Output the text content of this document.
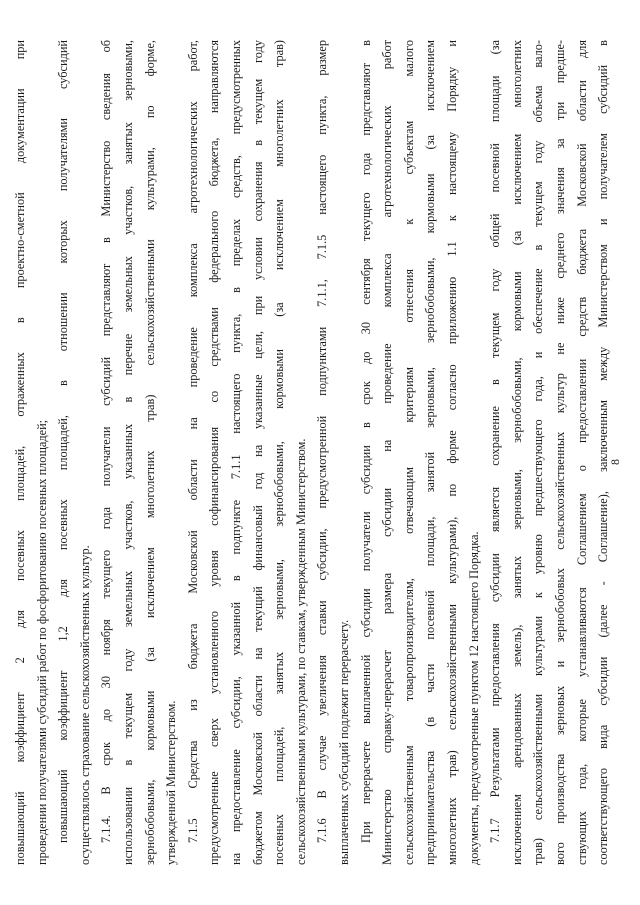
8
повышающий коэффициент 2 для посевных площадей, отраженных в проектно-сметной документации при проведении получателями субсидий работ по фосфоритованию посевных площадей; повышающий коэффициент 1,2 для посевных площадей, в отношении которых получателями субсидий осуществлялось страхование сельскохозяйственных культур. 7.1.4. В срок до 30 ноября текущего года получатели субсидий представляют в Министерство сведения об использовании в текущем году земельных участков, указанных в перечне земельных участков, занятых зерновыми, зернобобовыми, кормовыми (за исключением многолетних трав) сельскохозяйственными культурами, по форме, утвержденной Министерством. 7.1.5 Средства из бюджета Московской области на проведение комплекса агротехнологических работ, предусмотренные сверх установленного уровня софинансирования со средствами федерального бюджета, направляются на предоставление субсидии, указанной в подпункте 7.1.1 настоящего пункта, в пределах средств, предусмотренных бюджетом Московской области на текущий финансовый год на указанные цели, при условии сохранения в текущем году посевных площадей, занятых зерновыми, зернобобовыми, кормовыми (за исключением многолетних трав) сельскохозяйственными культурами, по ставкам, утвержденным Министерством. 7.1.6 В случае увеличения ставки субсидии, предусмотренной подпунктами 7.1.1, 7.1.5 настоящего пункта, размер выплаченных субсидий подлежит перерасчету. При перерасчете выплаченной субсидии получатели субсидии в срок до 30 сентября текущего года представляют в Министерство справку-перерасчет размера субсидии на проведение комплекса агротехнологических работ сельскохозяйственным товаропроизводителям, отвечающим критериям отнесения к субъектам малого предпринимательства (в части посевной площади, занятой зерновыми, зернобобовыми, кормовыми (за исключением многолетних трав) сельскохозяйственными культурами), по форме согласно приложению 1.1 к настоящему Порядку и документы, предусмотренные пунктом 12 настоящего Порядка. 7.1.7 Результатами предоставления субсидии является сохранение в текущем году общей посевной площади (за исключением арендованных земель), занятых зерновыми, зернобобовыми, кормовыми (за исключением многолетних трав) сельскохозяйственными культурами к уровню предшествующего года, и обеспечение в текущем году объема вало- вого производства зерновых и зернобобовых сельскохозяйственных культур не ниже среднего значения за три предше- ствующих года, которые устанавливаются Соглашением о предоставлении средств бюджета Московской области для соответствующего вида субсидии (далее - Соглашение), заключенным между Министерством и получателем субсидий в
